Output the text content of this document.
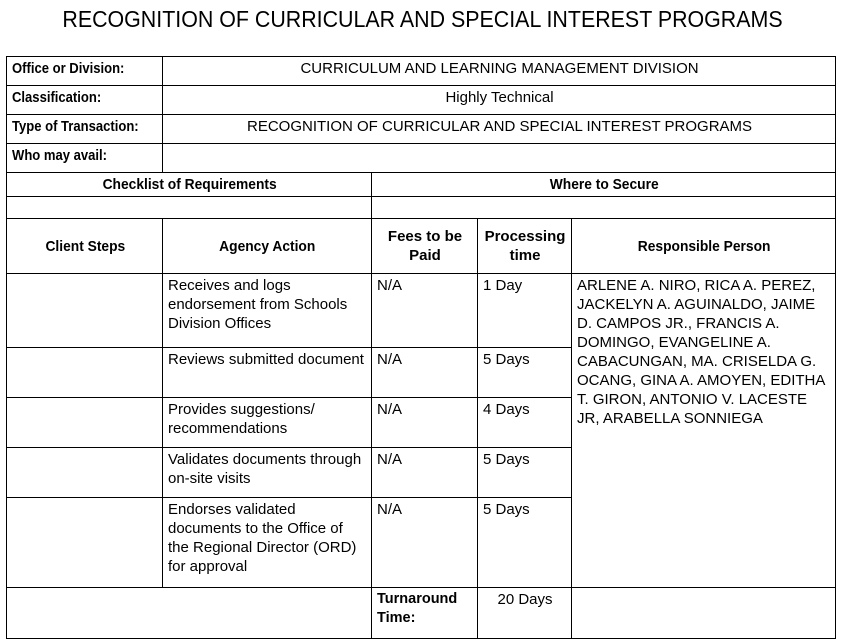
RECOGNITION OF CURRICULAR AND SPECIAL INTEREST PROGRAMS
Office or Division:	CURRICULUM AND LEARNING MANAGEMENT DIVISION			

Classification:	Highly Technical			

Type of Transaction:	RECOGNITION OF CURRICULAR AND SPECIAL INTEREST PROGRAMS			

Who may avail:				

Checklist of Requirements		Where to Secure		

Client Steps	Agency Action	Fees to be Paid	Processing time	Responsible Person
	Receives and logs endorsement from Schools Division Offices	N/A	1 Day	ARLENE A. NIRO, RICA A. PEREZ, JACKELYN A. AGUINALDO, JAIME D. CAMPOS JR., FRANCIS A. DOMINGO, EVANGELINE A. CABACUNGAN, MA. CRISELDA G. OCANG, GINA A. AMOYEN, EDITHA T. GIRON, ANTONIO V. LACESTE JR, ARABELLA SONNIEGA
	Reviews submitted document	N/A	5 Days	
	Provides suggestions/ recommendations	N/A	4 Days	
	Validates documents through on-site visits	N/A	5 Days	
	Endorses validated documents to the Office of the Regional Director (ORD) for approval	N/A	5 Days	

		Turnaround Time:	20 Days	
